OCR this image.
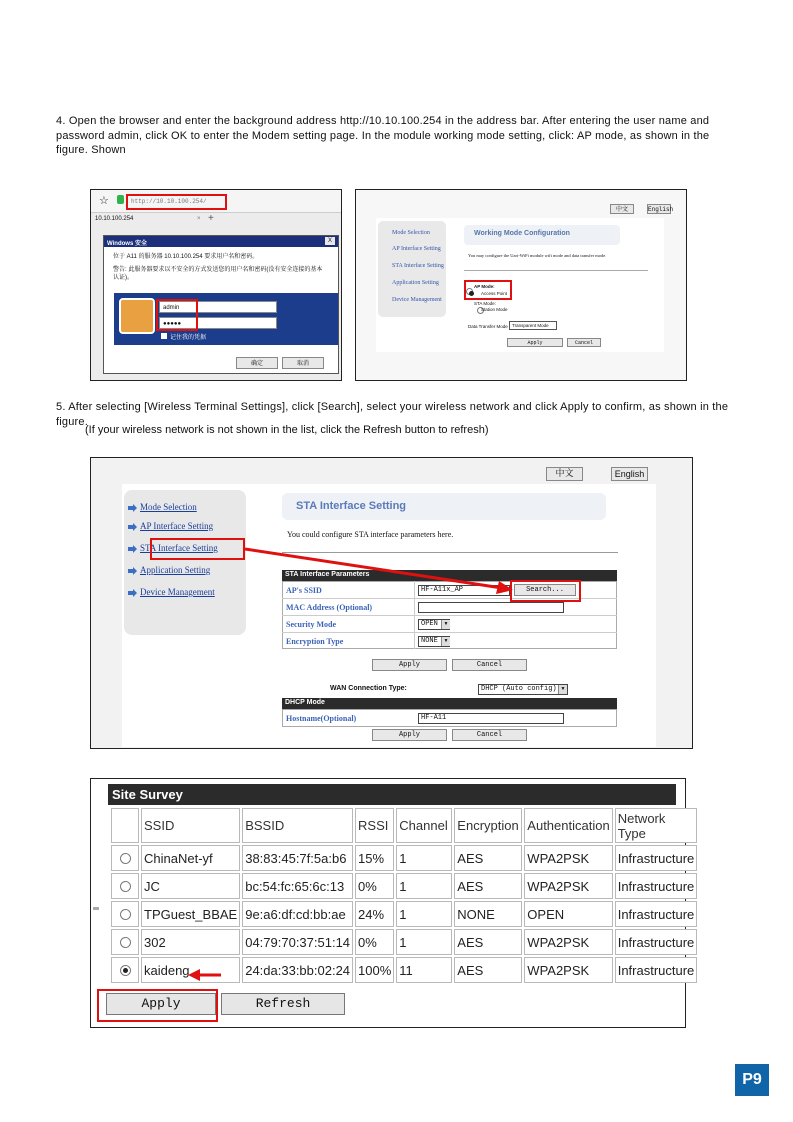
4. Open the browser and enter the background address http://10.10.100.254 in the address bar. After entering the user name and password admin, click OK to enter the Modem setting page. In the module working mode setting, click: AP mode, as shown in the figure. Shown
☆	http://10.10.100.254/
10.10.100.254	× +
Windows 安全	X
位于 A11 的服务器 10.10.100.254 要求用户名和密码。
警告: 此服务器要求以不安全的方式发送您的用户名和密码(没有安全连接的基本认证)。
admin
●●●●●
记住我的凭据
确定	取消
中文	English
Mode Selection
AP Interface Setting
STA Interface Setting
Application Setting
Device Management
Working Mode Configuration
You may configure the Uart-WiFi module wifi mode and data transfer mode.

AP Mode:
Access Point
STA Mode:
Station Mode
Data Transfer Mode Transparent Mode
Apply	Cancel
5. After selecting [Wireless Terminal Settings], click [Search], select your wireless network and click Apply to confirm, as shown in the figure.
(If your wireless network is not shown in the list, click the Refresh button to refresh)
中文	English
Mode Selection
AP Interface Setting
STA Interface Setting
Application Setting
Device Management
STA Interface Setting
You could configure STA interface parameters here.
STA Interface Parameters
AP's SSID	HF-A11x_AP	Search...
MAC Address (Optional)
Security Mode	OPEN	▼
Encryption Type	NONE	▼
Apply	Cancel
WAN Connection Type:	DHCP (Auto config) ▼
DHCP Mode
Hostname(Optional)	HF-A11
Apply	Cancel
Site Survey
	SSID	BSSID	RSSI	Channel	Encryption	Authentication	Network Type
	ChinaNet-yf	38:83:45:7f:5a:b6	15%	1	AES	WPA2PSK	Infrastructure
	JC	bc:54:fc:65:6c:13	0%	1	AES	WPA2PSK	Infrastructure
	TPGuest_BBAE	9e:a6:df:cd:bb:ae	24%	1	NONE	OPEN	Infrastructure
	302	04:79:70:37:51:14	0%	1	AES	WPA2PSK	Infrastructure
	kaideng	24:da:33:bb:02:24	100%	11	AES	WPA2PSK	Infrastructure
Apply	Refresh
P9
